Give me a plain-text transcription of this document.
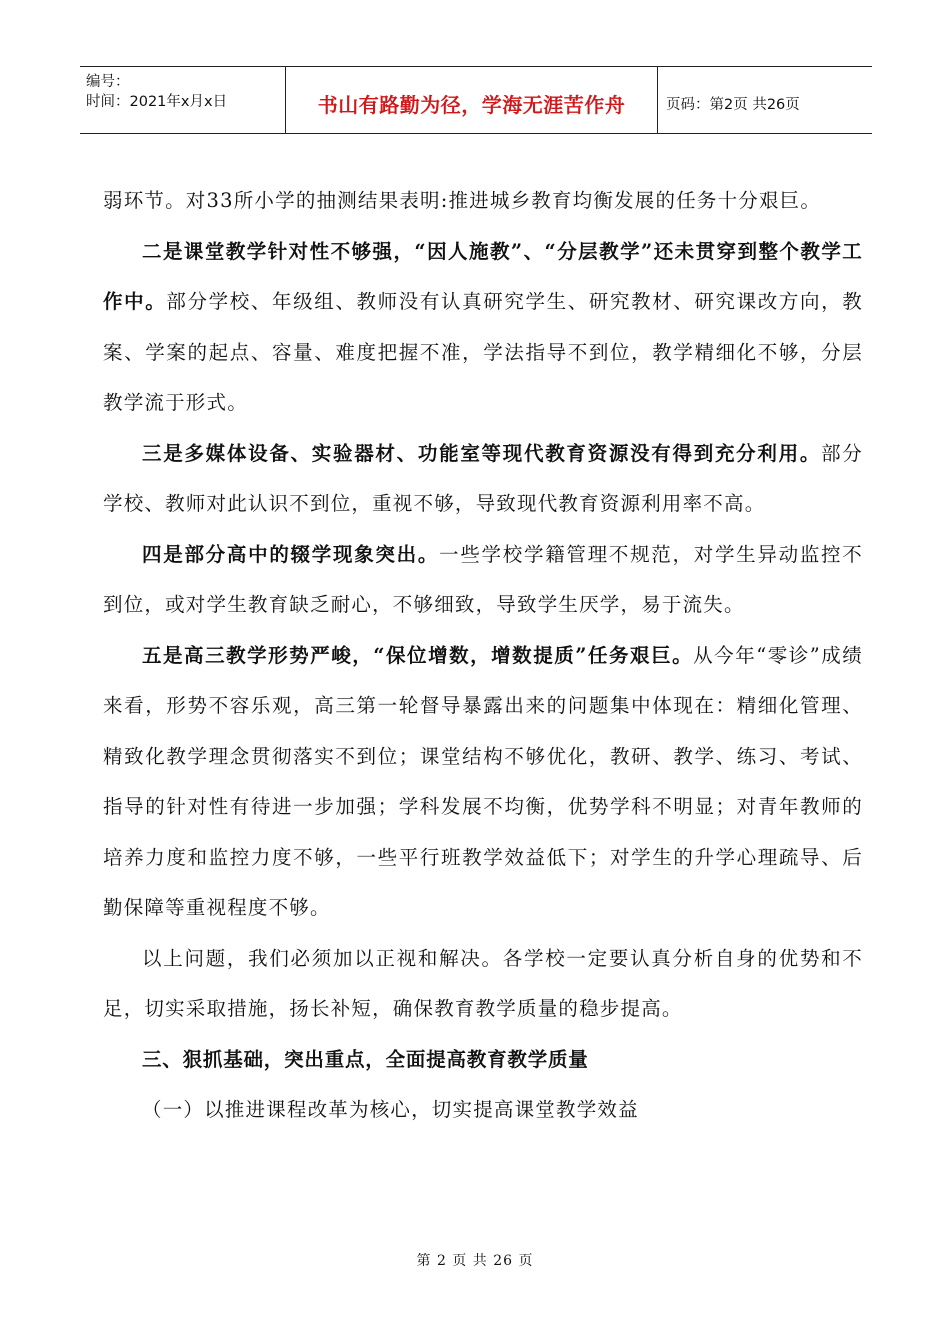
编号：
时间：2021年x月x日	书山有路勤为径，学海无涯苦作舟	页码：第2页 共26页

弱环节。对33所小学的抽测结果表明:推进城乡教育均衡发展的任务十分艰巨。

二是课堂教学针对性不够强，“因人施教”、“分层教学”还未贯穿到整个教学工作中。部分学校、年级组、教师没有认真研究学生、研究教材、研究课改方向，教案、学案的起点、容量、难度把握不准，学法指导不到位，教学精细化不够，分层教学流于形式。

三是多媒体设备、实验器材、功能室等现代教育资源没有得到充分利用。部分学校、教师对此认识不到位，重视不够，导致现代教育资源利用率不高。

四是部分高中的辍学现象突出。一些学校学籍管理不规范，对学生异动监控不到位，或对学生教育缺乏耐心，不够细致，导致学生厌学，易于流失。

五是高三教学形势严峻，“保位增数，增数提质”任务艰巨。从今年“零诊”成绩来看，形势不容乐观，高三第一轮督导暴露出来的问题集中体现在：精细化管理、精致化教学理念贯彻落实不到位；课堂结构不够优化，教研、教学、练习、考试、指导的针对性有待进一步加强；学科发展不均衡，优势学科不明显；对青年教师的培养力度和监控力度不够，一些平行班教学效益低下；对学生的升学心理疏导、后勤保障等重视程度不够。

以上问题，我们必须加以正视和解决。各学校一定要认真分析自身的优势和不足，切实采取措施，扬长补短，确保教育教学质量的稳步提高。

三、狠抓基础，突出重点，全面提高教育教学质量

（一）以推进课程改革为核心，切实提高课堂教学效益

第 2 页 共 26 页
